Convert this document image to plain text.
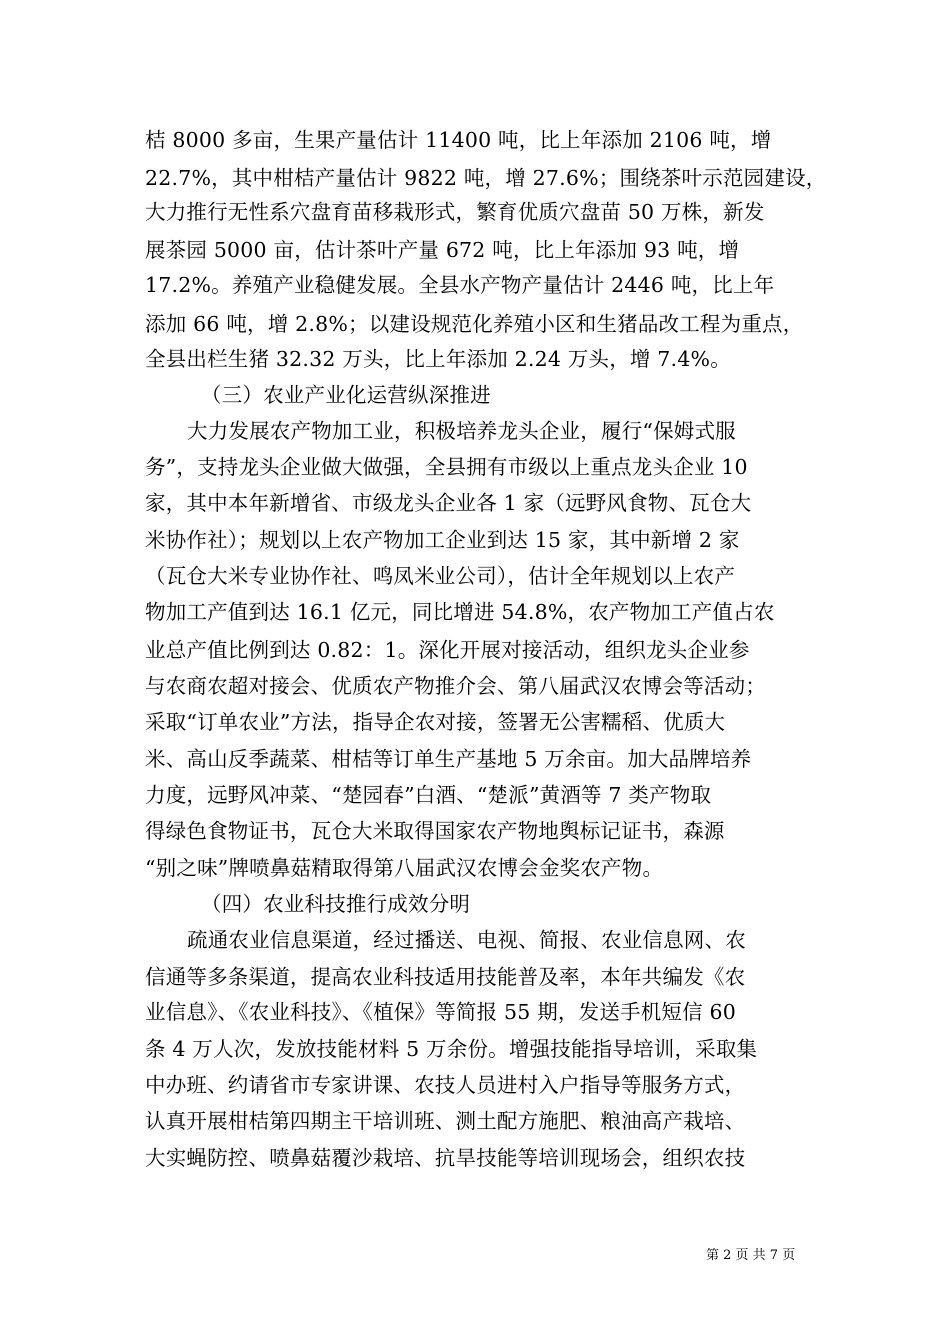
桔 8000 多亩，生果产量估计 11400 吨，比上年添加 2106 吨，增
22.7%，其中柑桔产量估计 9822 吨，增 27.6%；围绕茶叶示范园建设，
大力推行无性系穴盘育苗移栽形式，繁育优质穴盘苗 50 万株，新发
展茶园 5000 亩，估计茶叶产量 672 吨，比上年添加 93 吨，增
17.2%。养殖产业稳健发展。全县水产物产量估计 2446 吨，比上年
添加 66 吨，增 2.8%；以建设规范化养殖小区和生猪品改工程为重点，
全县出栏生猪 32.32 万头，比上年添加 2.24 万头，增 7.4%。
（三）农业产业化运营纵深推进
大力发展农产物加工业，积极培养龙头企业，履行“保姆式服
务”，支持龙头企业做大做强，全县拥有市级以上重点龙头企业 10
家，其中本年新增省、市级龙头企业各 1 家（远野风食物、瓦仓大
米协作社）；规划以上农产物加工企业到达 15 家，其中新增 2 家
（瓦仓大米专业协作社、鸣凤米业公司），估计全年规划以上农产
物加工产值到达 16.1 亿元，同比增进 54.8%，农产物加工产值占农
业总产值比例到达 0.82：1。深化开展对接活动，组织龙头企业参
与农商农超对接会、优质农产物推介会、第八届武汉农博会等活动；
采取“订单农业”方法，指导企农对接，签署无公害糯稻、优质大
米、高山反季蔬菜、柑桔等订单生产基地 5 万余亩。加大品牌培养
力度，远野风冲菜、“楚园春”白酒、“楚派”黄酒等 7 类产物取
得绿色食物证书，瓦仓大米取得国家农产物地舆标记证书，森源
“别之味”牌喷鼻菇精取得第八届武汉农博会金奖农产物。
（四）农业科技推行成效分明
疏通农业信息渠道，经过播送、电视、简报、农业信息网、农
信通等多条渠道，提高农业科技适用技能普及率，本年共编发《农
业信息》、《农业科技》、《植保》等简报 55 期，发送手机短信 60
条 4 万人次，发放技能材料 5 万余份。增强技能指导培训，采取集
中办班、约请省市专家讲课、农技人员进村入户指导等服务方式，
认真开展柑桔第四期主干培训班、测土配方施肥、粮油高产栽培、
大实蝇防控、喷鼻菇覆沙栽培、抗旱技能等培训现场会，组织农技
第 2 页 共 7 页
